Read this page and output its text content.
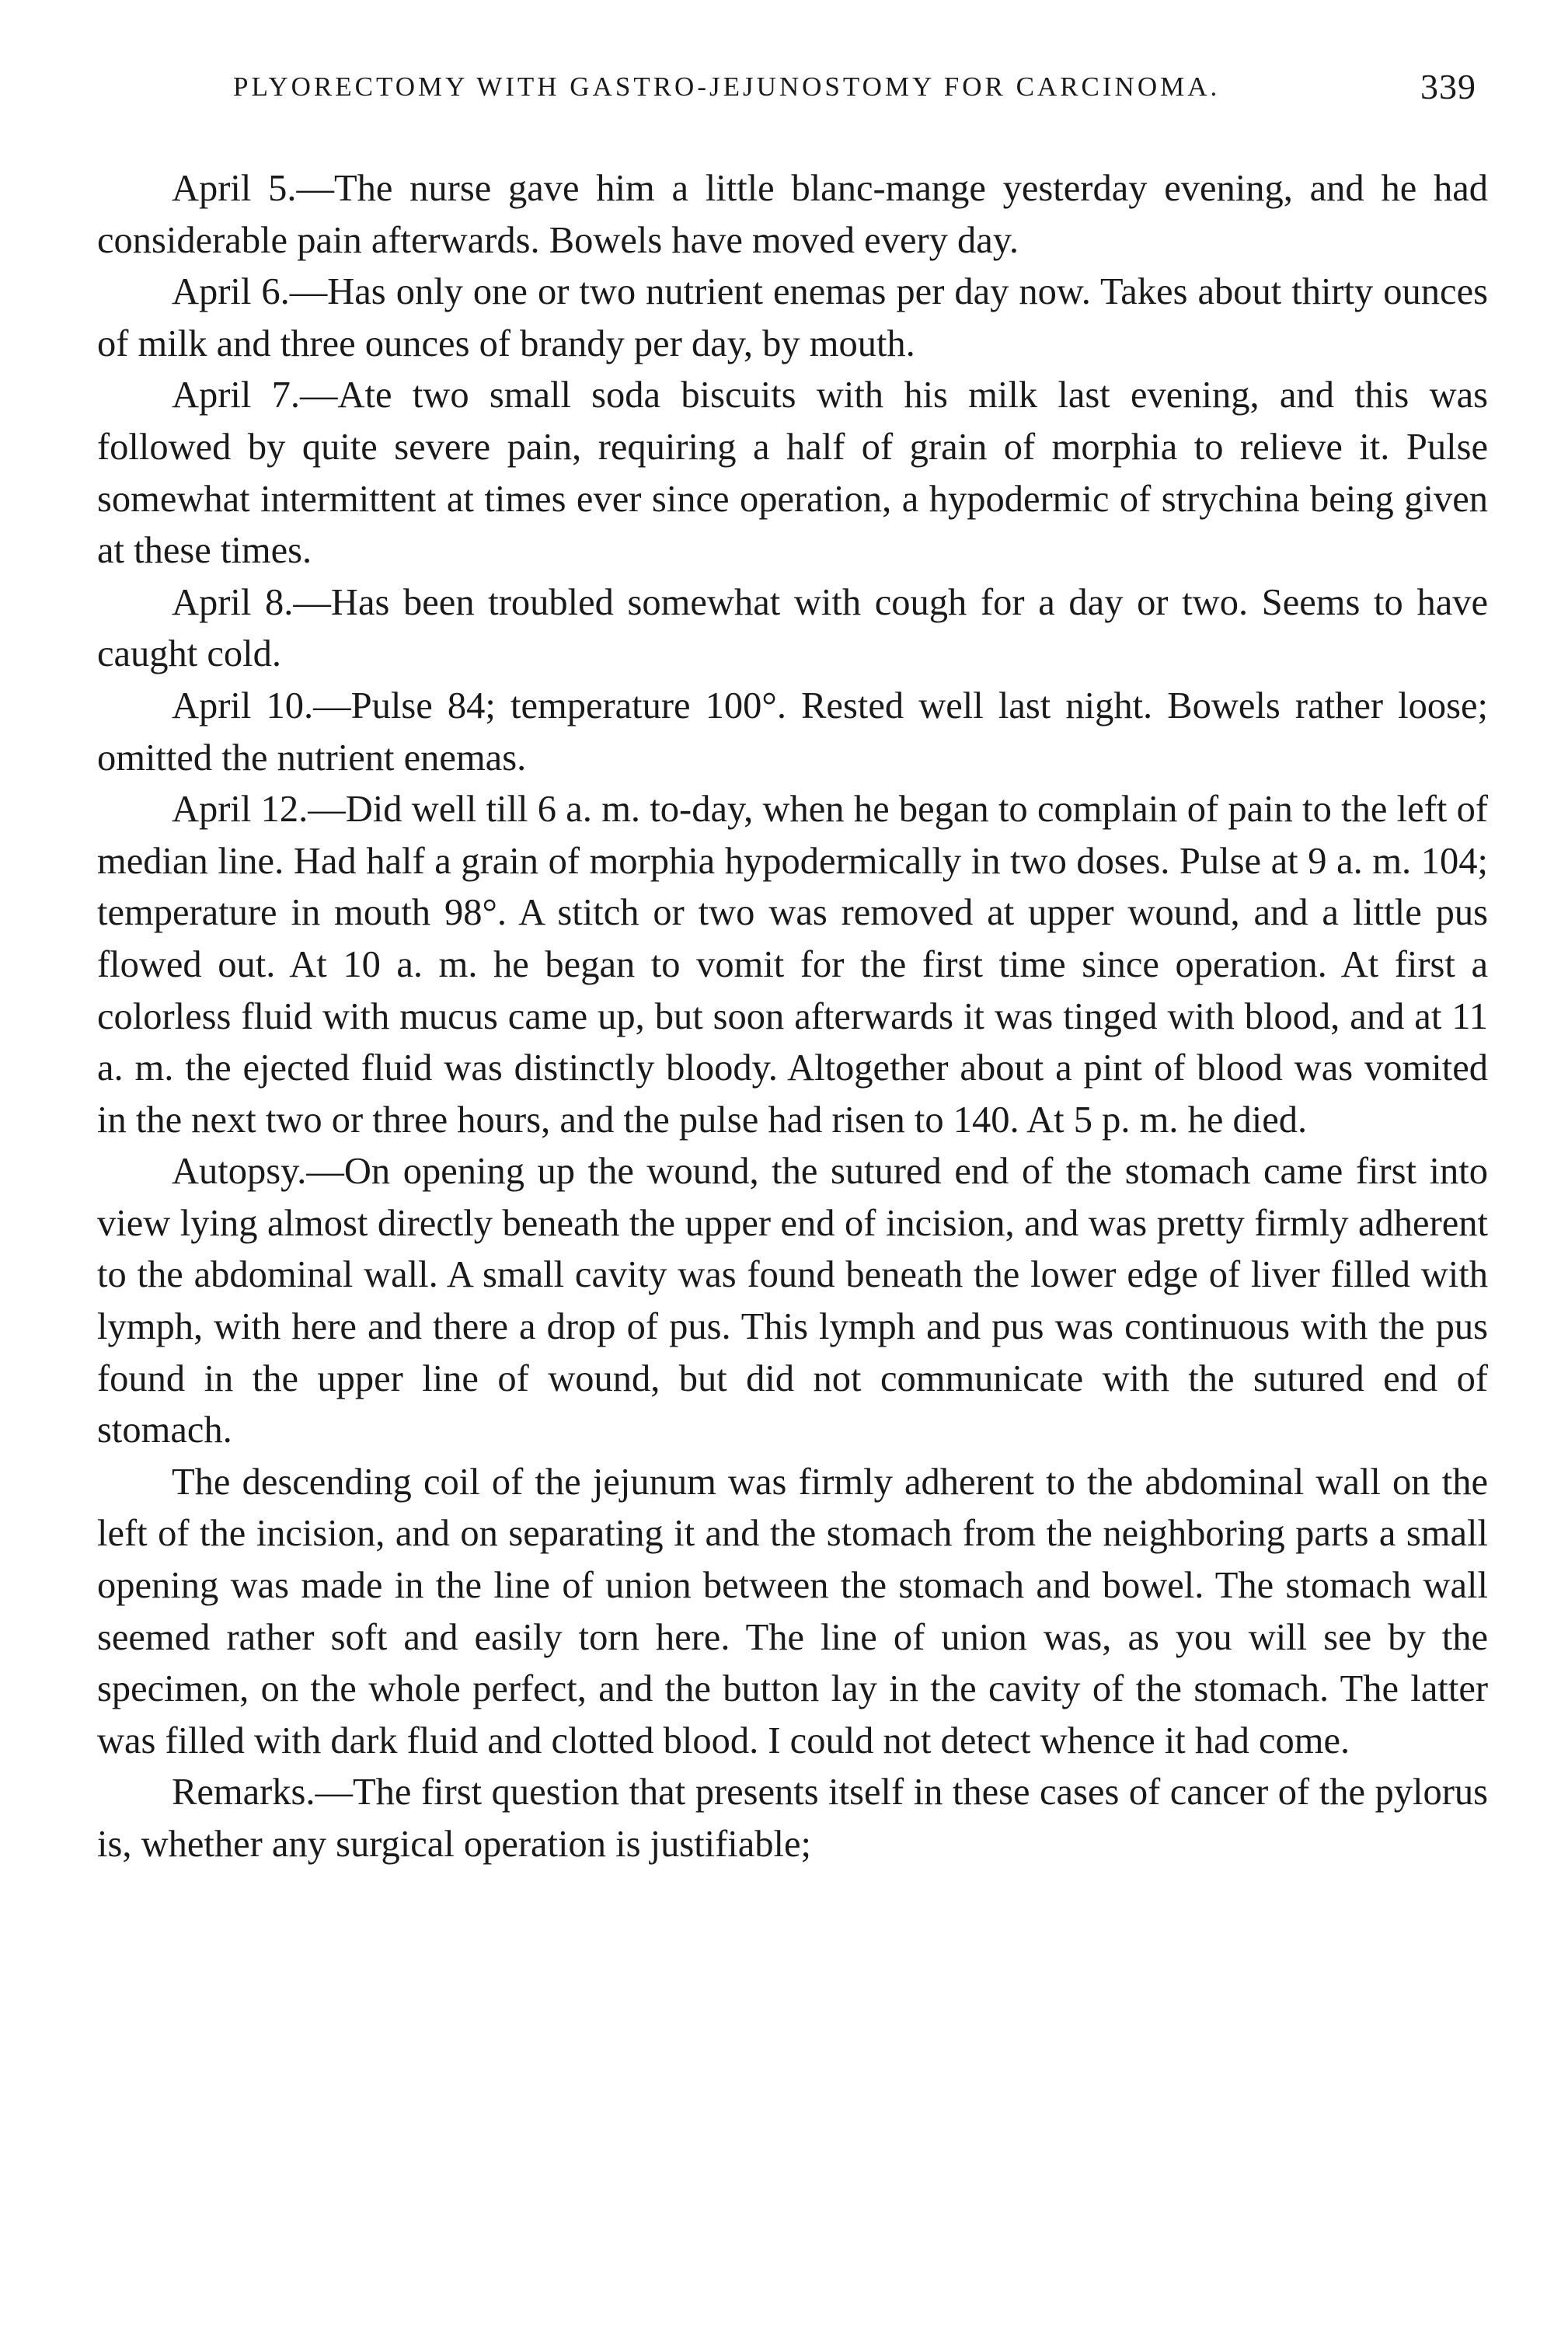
PLYORECTOMY WITH GASTRO-JEJUNOSTOMY FOR CARCINOMA.	339

April 5.—The nurse gave him a little blanc-mange yesterday evening, and he had considerable pain afterwards. Bowels have moved every day.

April 6.—Has only one or two nutrient enemas per day now. Takes about thirty ounces of milk and three ounces of brandy per day, by mouth.

April 7.—Ate two small soda biscuits with his milk last evening, and this was followed by quite severe pain, requiring a half of grain of morphia to relieve it. Pulse somewhat intermittent at times ever since operation, a hypodermic of strychina being given at these times.

April 8.—Has been troubled somewhat with cough for a day or two. Seems to have caught cold.

April 10.—Pulse 84; temperature 100°. Rested well last night. Bowels rather loose; omitted the nutrient enemas.

April 12.—Did well till 6 a. m. to-day, when he began to complain of pain to the left of median line. Had half a grain of morphia hypodermically in two doses. Pulse at 9 a. m. 104; temperature in mouth 98°. A stitch or two was removed at upper wound, and a little pus flowed out. At 10 a. m. he began to vomit for the first time since operation. At first a colorless fluid with mucus came up, but soon afterwards it was tinged with blood, and at 11 a. m. the ejected fluid was distinctly bloody. Altogether about a pint of blood was vomited in the next two or three hours, and the pulse had risen to 140. At 5 p. m. he died.

Autopsy.—On opening up the wound, the sutured end of the stomach came first into view lying almost directly beneath the upper end of incision, and was pretty firmly adherent to the abdominal wall. A small cavity was found beneath the lower edge of liver filled with lymph, with here and there a drop of pus. This lymph and pus was continuous with the pus found in the upper line of wound, but did not communicate with the sutured end of stomach.

The descending coil of the jejunum was firmly adherent to the abdominal wall on the left of the incision, and on separating it and the stomach from the neighboring parts a small opening was made in the line of union between the stomach and bowel. The stomach wall seemed rather soft and easily torn here. The line of union was, as you will see by the specimen, on the whole perfect, and the button lay in the cavity of the stomach. The latter was filled with dark fluid and clotted blood. I could not detect whence it had come.

Remarks.—The first question that presents itself in these cases of cancer of the pylorus is, whether any surgical operation is justifiable;
